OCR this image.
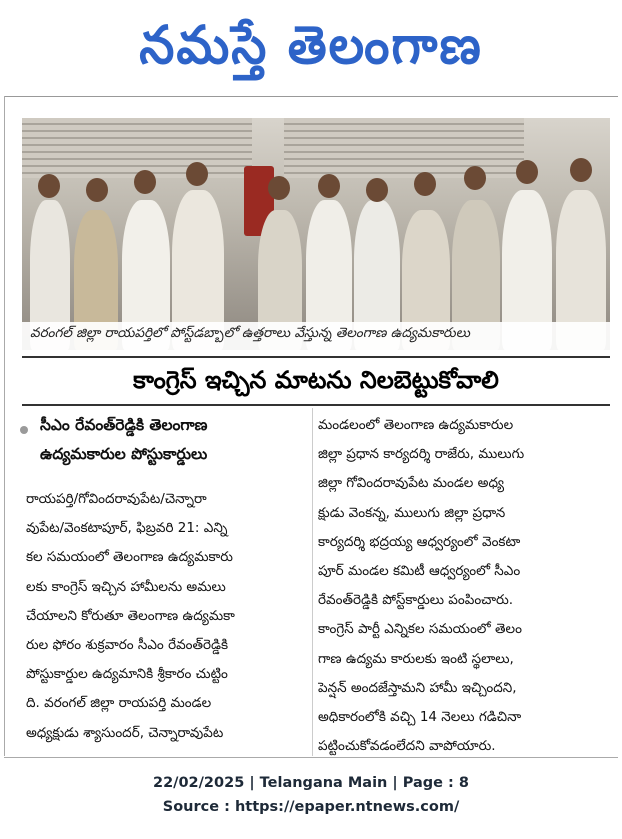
నమస్తే తెలంగాణ
వరంగల్ జిల్లా రాయపర్తిలో పోస్ట్‌డబ్బాలో ఉత్తరాలు వేస్తున్న తెలంగాణ ఉద్యమకారులు
కాంగ్రెస్ ఇచ్చిన మాటను నిలబెట్టుకోవాలి
సీఎం రేవంత్‌రెడ్డికి తెలంగాణ
ఉద్యమకారుల పోస్టుకార్డులు
రాయపర్తి/గోవిందరావుపేట/చెన్నారా
వుపేట/వెంకటాపూర్, ఫిబ్రవరి 21: ఎన్ని
కల సమయంలో తెలంగాణ ఉద్యమకారు
లకు కాంగ్రెస్ ఇచ్చిన హామీలను అమలు
చేయాలని కోరుతూ తెలంగాణ ఉద్యమకా
రుల ఫోరం శుక్రవారం సీఎం రేవంత్‌రెడ్డికి
పోస్టుకార్డుల ఉద్యమానికి శ్రీకారం చుట్టిం
ది. వరంగల్ జిల్లా రాయపర్తి మండల
అధ్యక్షుడు శ్యాసుందర్, చెన్నారావుపేట
మండలంలో తెలంగాణ ఉద్యమకారుల
జిల్లా ప్రధాన కార్యదర్శి రాజేరు, ములుగు
జిల్లా గోవిందరావుపేట మండల అధ్య
క్షుడు వెంకన్న, ములుగు జిల్లా ప్రధాన
కార్యదర్శి భద్రయ్య ఆధ్వర్యంలో వెంకటా
పూర్ మండల కమిటీ ఆధ్వర్యంలో సీఎం
రేవంత్‌రెడ్డికి పోస్ట్‌కార్డులు పంపించారు.
కాంగ్రెస్ పార్టీ ఎన్నికల సమయంలో తెలం
గాణ ఉద్యమ కారులకు ఇంటి స్థలాలు,
పెన్షన్ అందజేస్తామని హామీ ఇచ్చిందని,
అధికారంలోకి వచ్చి 14 నెలలు గడిచినా
పట్టించుకోవడంలేదని వాపోయారు.
22/02/2025 | Telangana Main | Page : 8
Source : https://epaper.ntnews.com/
